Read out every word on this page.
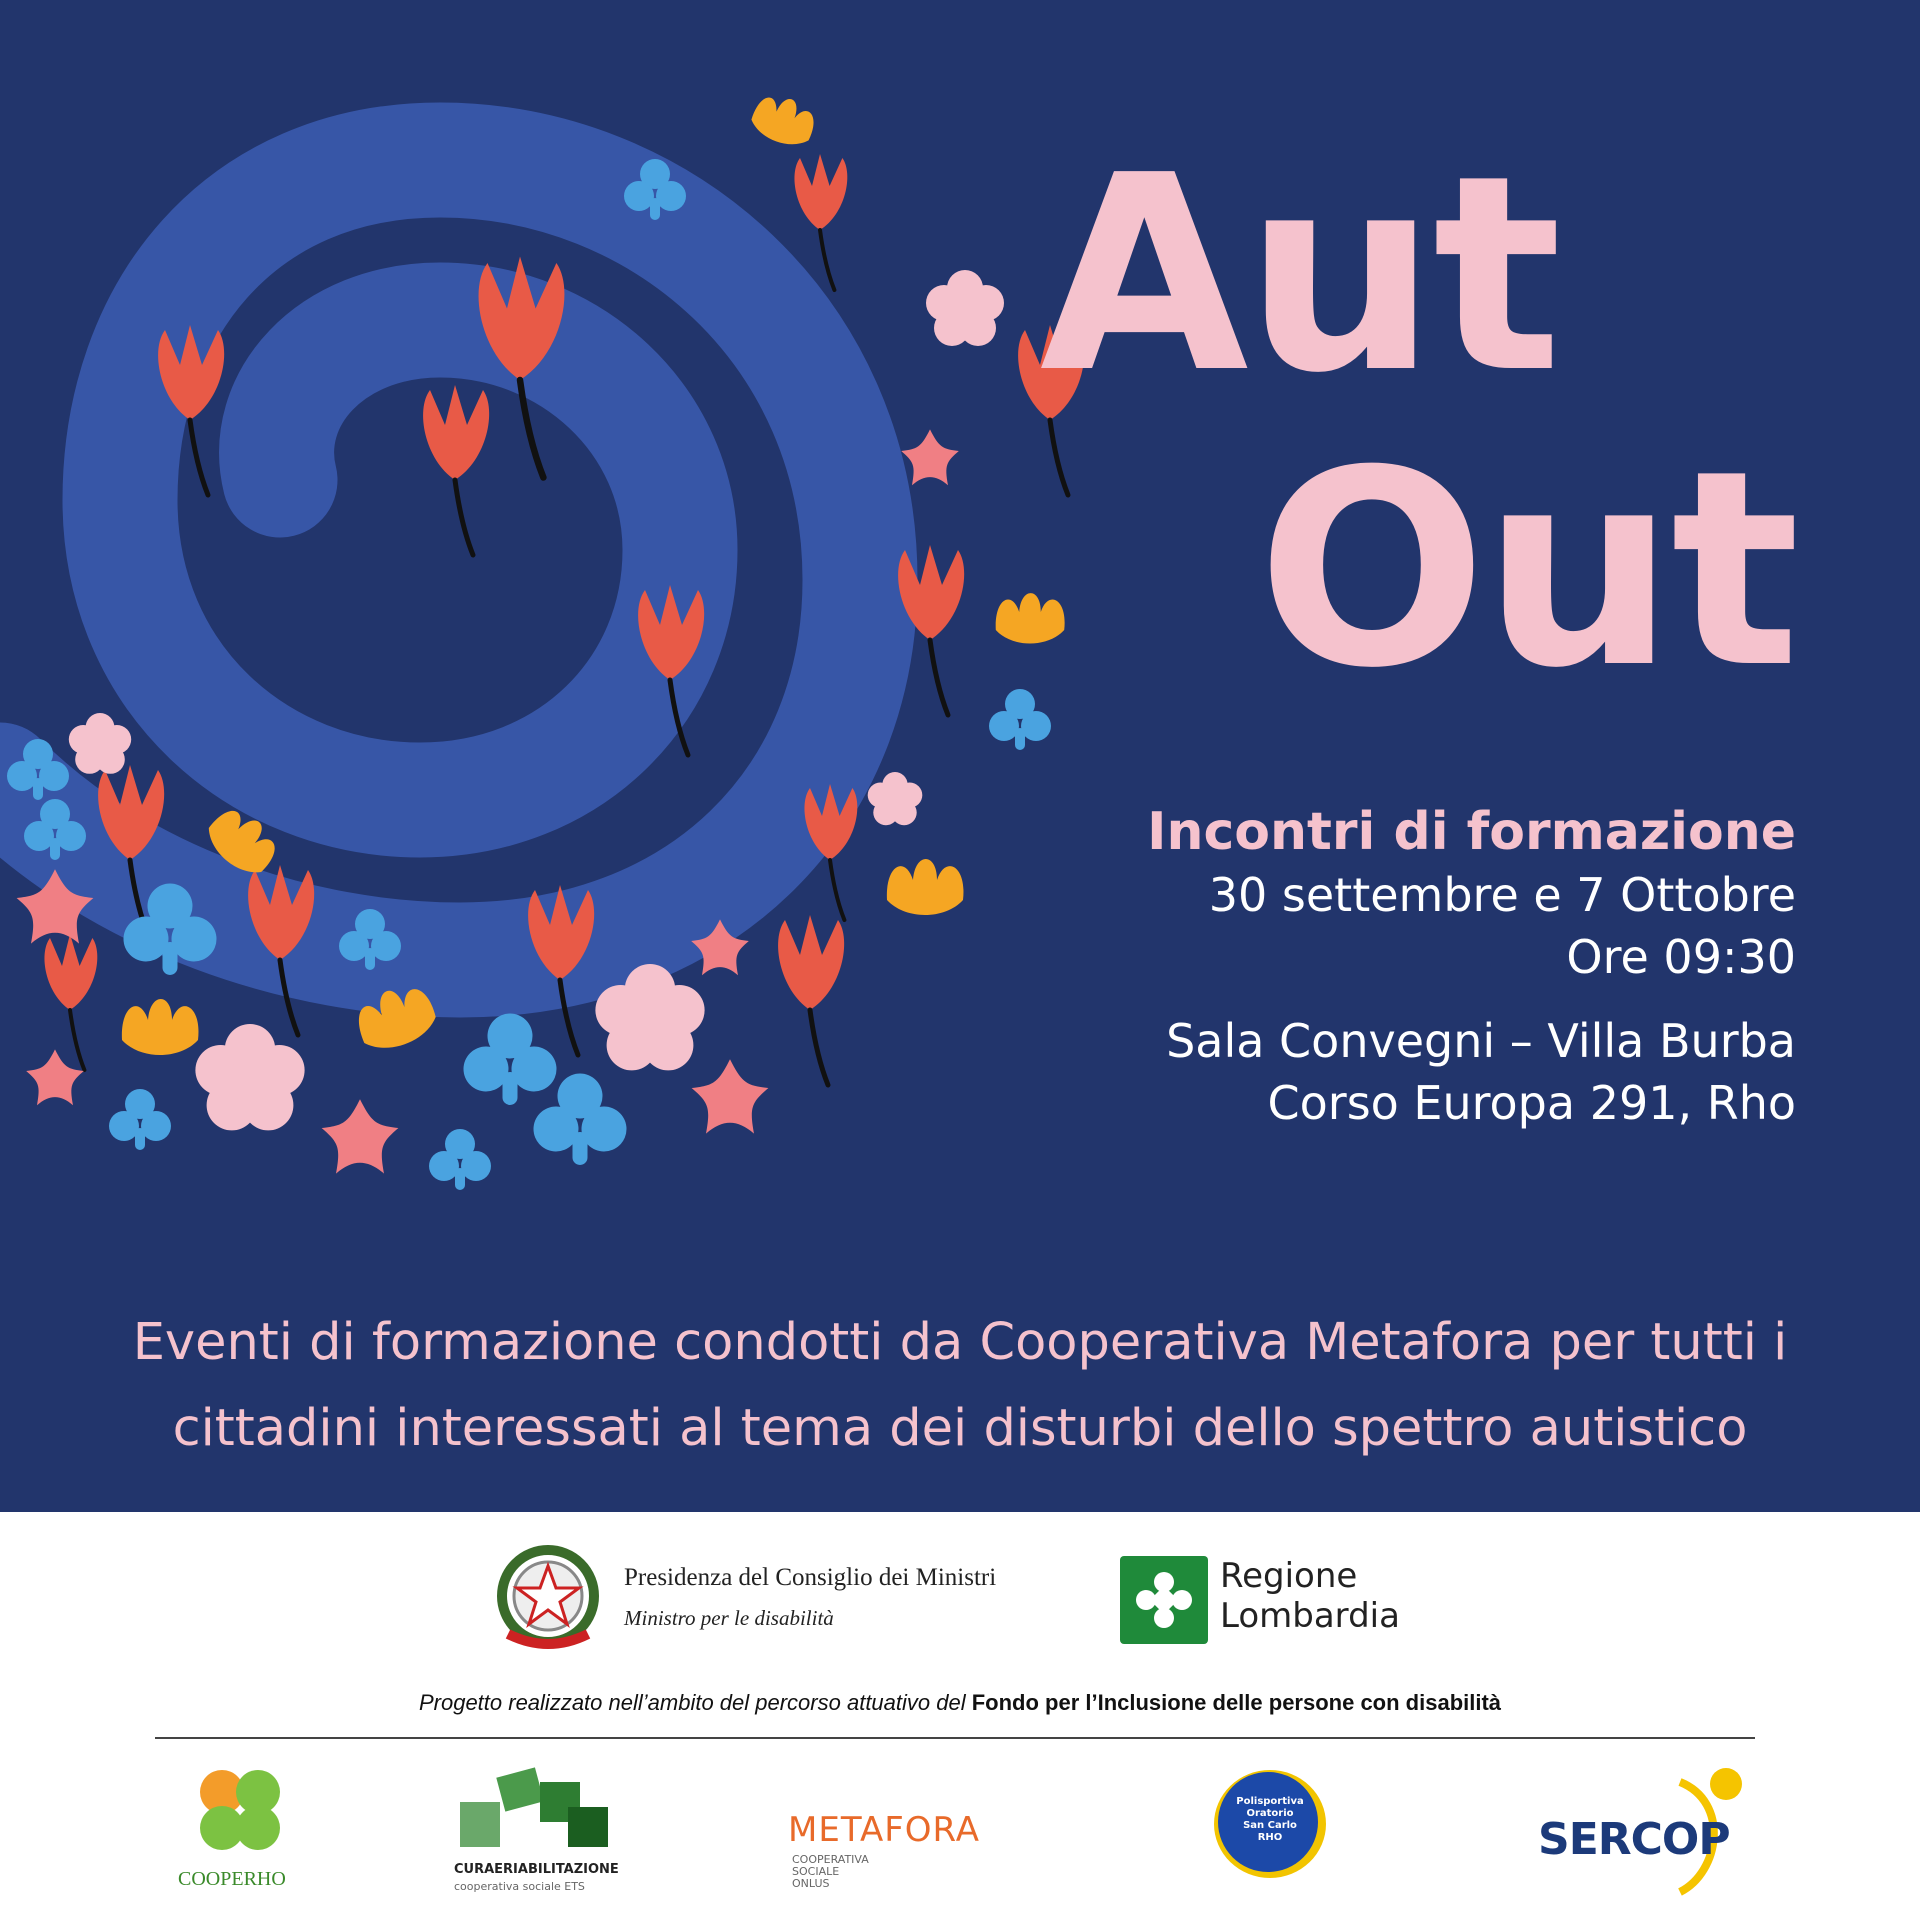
Aut
Out
Incontri di formazione
30 settembre e 7 Ottobre
Ore 09:30
Sala Convegni – Villa Burba
Corso Europa 291, Rho
Eventi di formazione condotti da Cooperativa Metafora per tutti i
cittadini interessati al tema dei disturbi dello spettro autistico
Presidenza del Consiglio dei Ministri
Ministro per le disabilità
Regione
Lombardia
Progetto realizzato nell’ambito del percorso attuativo del Fondo per l’Inclusione delle persone con disabilità
COOPERHO	CURAERIABILITAZIONE
cooperativa sociale ETS
METAFORA
COOPERATIVA
SOCIALE
ONLUS
Polisportiva
Oratorio
San Carlo
RHO	SERCOP
